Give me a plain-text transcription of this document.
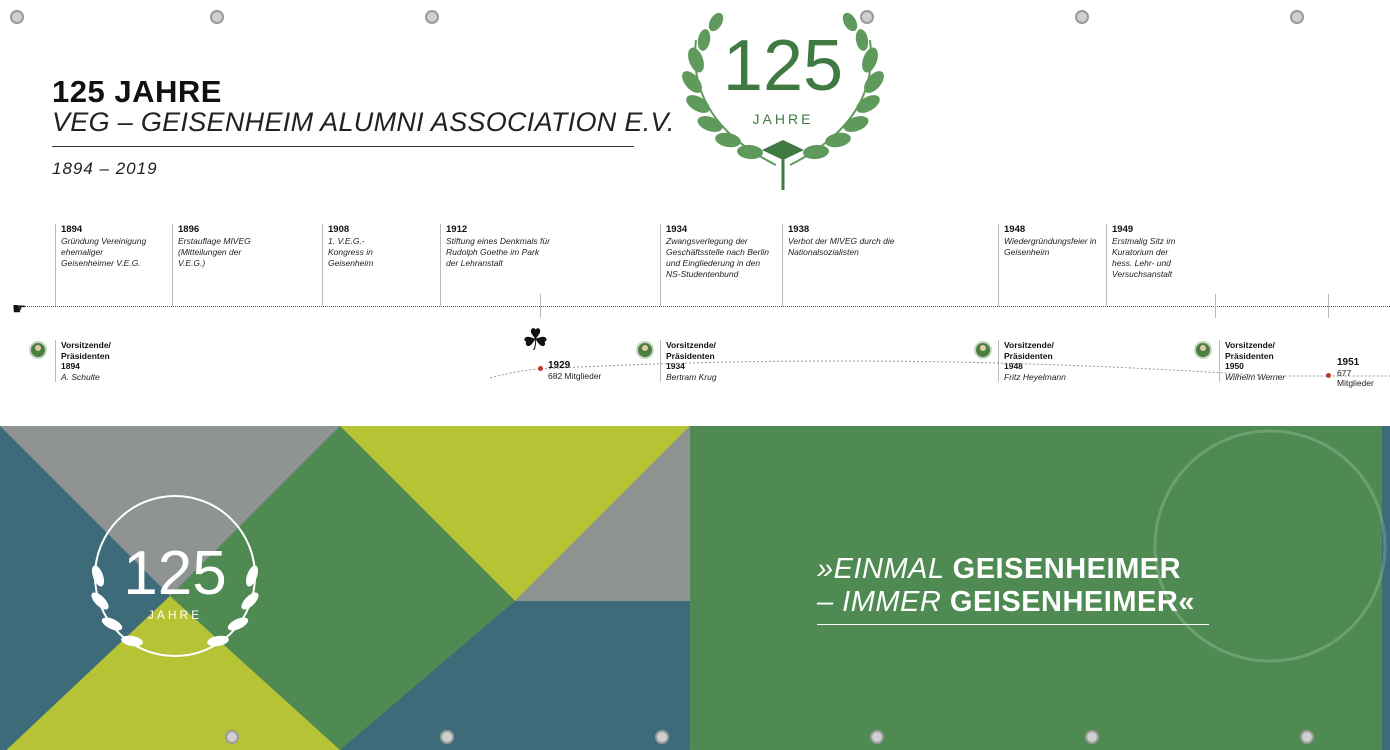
125 JAHRE
VEG – GEISENHEIM ALUMNI ASSOCIATION E.V.
1894 – 2019
125
JAHRE
☛
1894
Gründung Vereinigung ehemaliger Geisenheimer V.E.G.
1896
Erstauflage MIVEG (Mitteilungen der V.E.G.)
1908
1. V.E.G.-Kongress in Geisenheim
1912
Stiftung eines Denkmals für Rudolph Goethe im Park der Lehranstalt
1934
Zwangsverlegung der Geschäftsstelle nach Berlin und Eingliederung in den NS-Studentenbund
1938
Verbot der MIVEG durch die Nationalsozialisten
1948
Wiedergründungsfeier in Geisenheim
1949
Erstmalig Sitz im Kuratorium der hess. Lehr- und Versuchsanstalt
Vorsitzende/ Präsidenten
1894
A. Schulte
Vorsitzende/ Präsidenten
1934
Bertram Krug
Vorsitzende/ Präsidenten
1948
Fritz Heyelmann
Vorsitzende/ Präsidenten
1950
Wilhelm Werner
1929
682 Mitglieder
1951
677 Mitglieder
☘
125
JAHRE
»EINMAL GEISENHEIMER
– IMMER GEISENHEIMER«
